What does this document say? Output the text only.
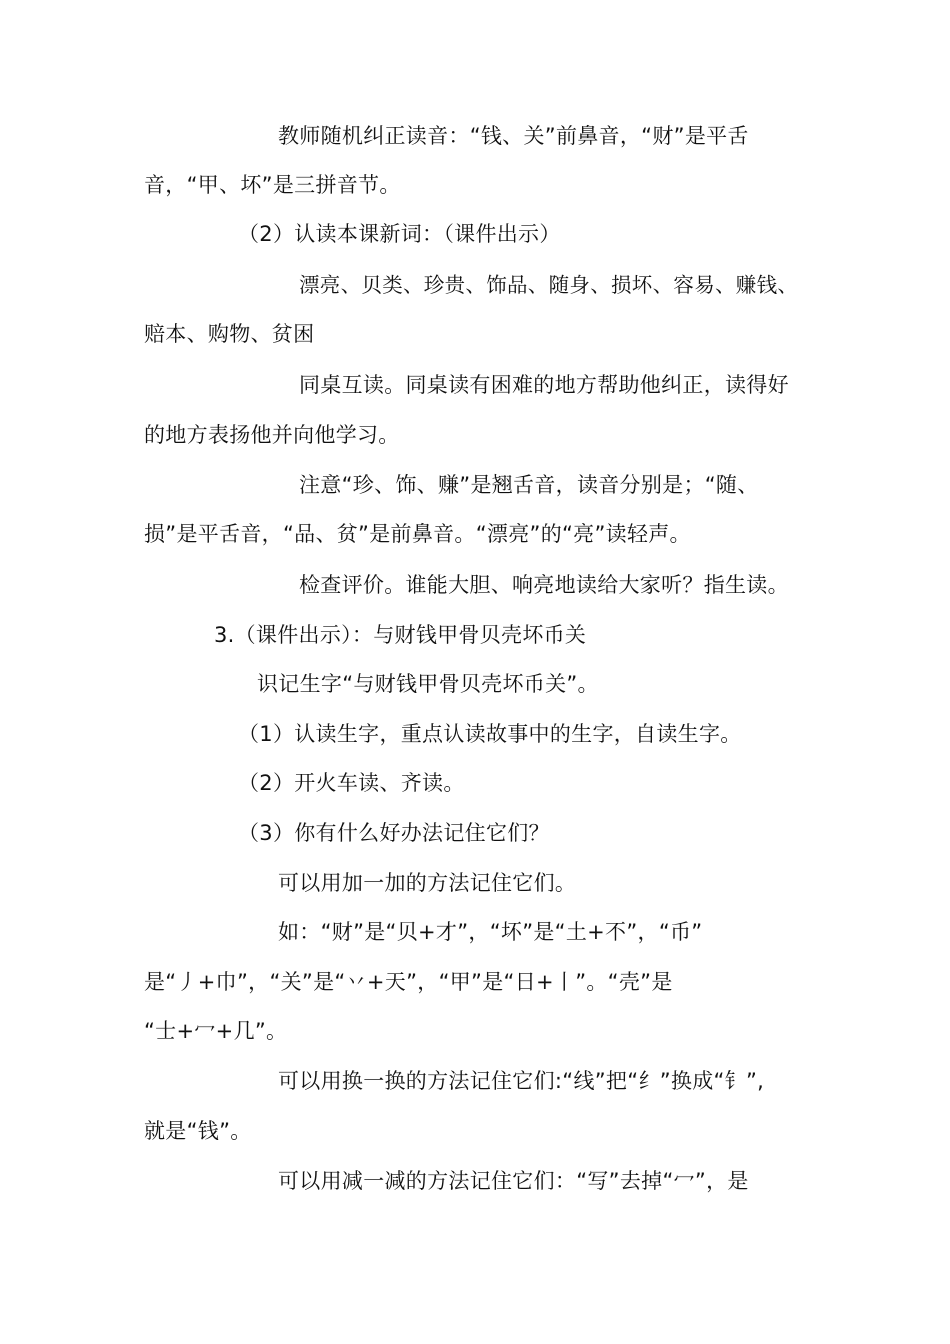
教师随机纠正读音：“钱、关”前鼻音，“财”是平舌
音，“甲、坏”是三拼音节。
（2）认读本课新词：（课件出示）
漂亮、贝类、珍贵、饰品、随身、损坏、容易、赚钱、
赔本、购物、贫困
同桌互读。同桌读有困难的地方帮助他纠正，读得好
的地方表扬他并向他学习。
注意“珍、饰、赚”是翘舌音，读音分别是；“随、
损”是平舌音，“品、贫”是前鼻音。“漂亮”的“亮”读轻声。
检查评价。谁能大胆、响亮地读给大家听？指生读。
3.（课件出示）：与财钱甲骨贝壳坏币关
识记生字“与财钱甲骨贝壳坏币关”。
（1）认读生字，重点认读故事中的生字，自读生字。
（2）开火车读、齐读。
（3）你有什么好办法记住它们？
可以用加一加的方法记住它们。
如：“财”是“贝+才”，“坏”是“土+不”，“币”
是“丿+巾”，“关”是“丷+天”，“甲”是“日+丨”。“壳”是
“士+冖+几”。
可以用换一换的方法记住它们:“线”把“纟”换成“钅”,
就是“钱”。
可以用减一减的方法记住它们：“写”去掉“冖”，是
